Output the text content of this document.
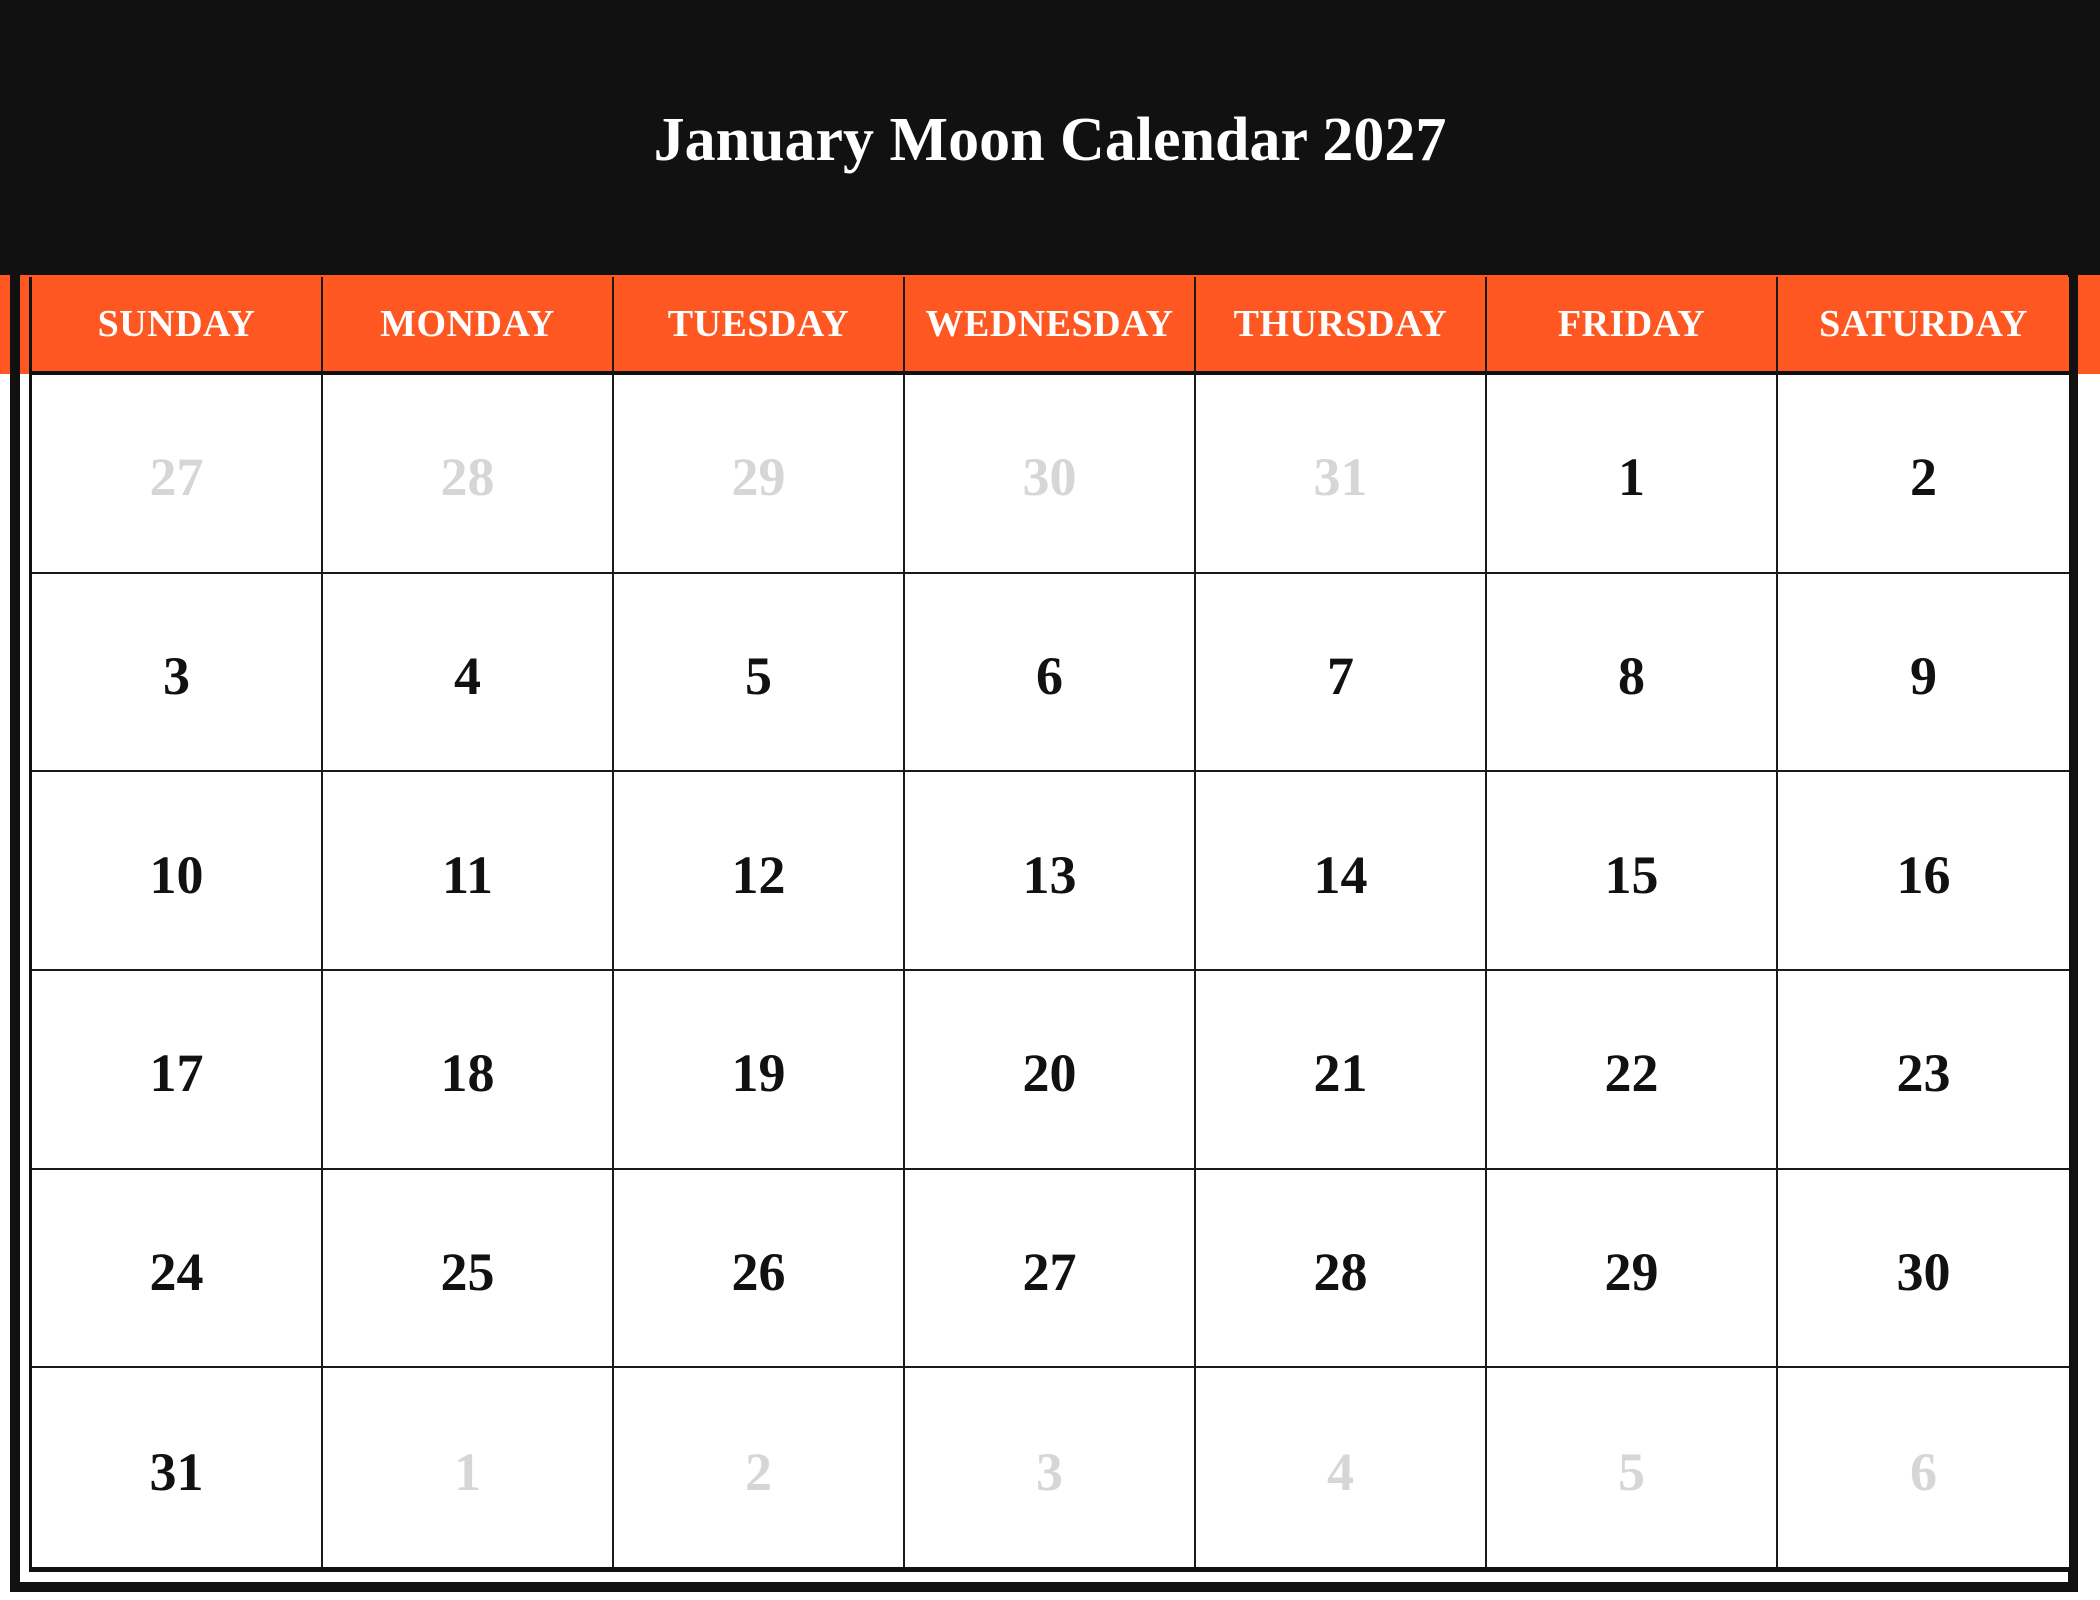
January Moon Calendar 2027
SUNDAY	MONDAY	TUESDAY	WEDNESDAY	THURSDAY	FRIDAY	SATURDAY
27	28	29	30	31	1	2
3	4	5	6	7	8	9
10	11	12	13	14	15	16
17	18	19	20	21	22	23
24	25	26	27	28	29	30
31	1	2	3	4	5	6
